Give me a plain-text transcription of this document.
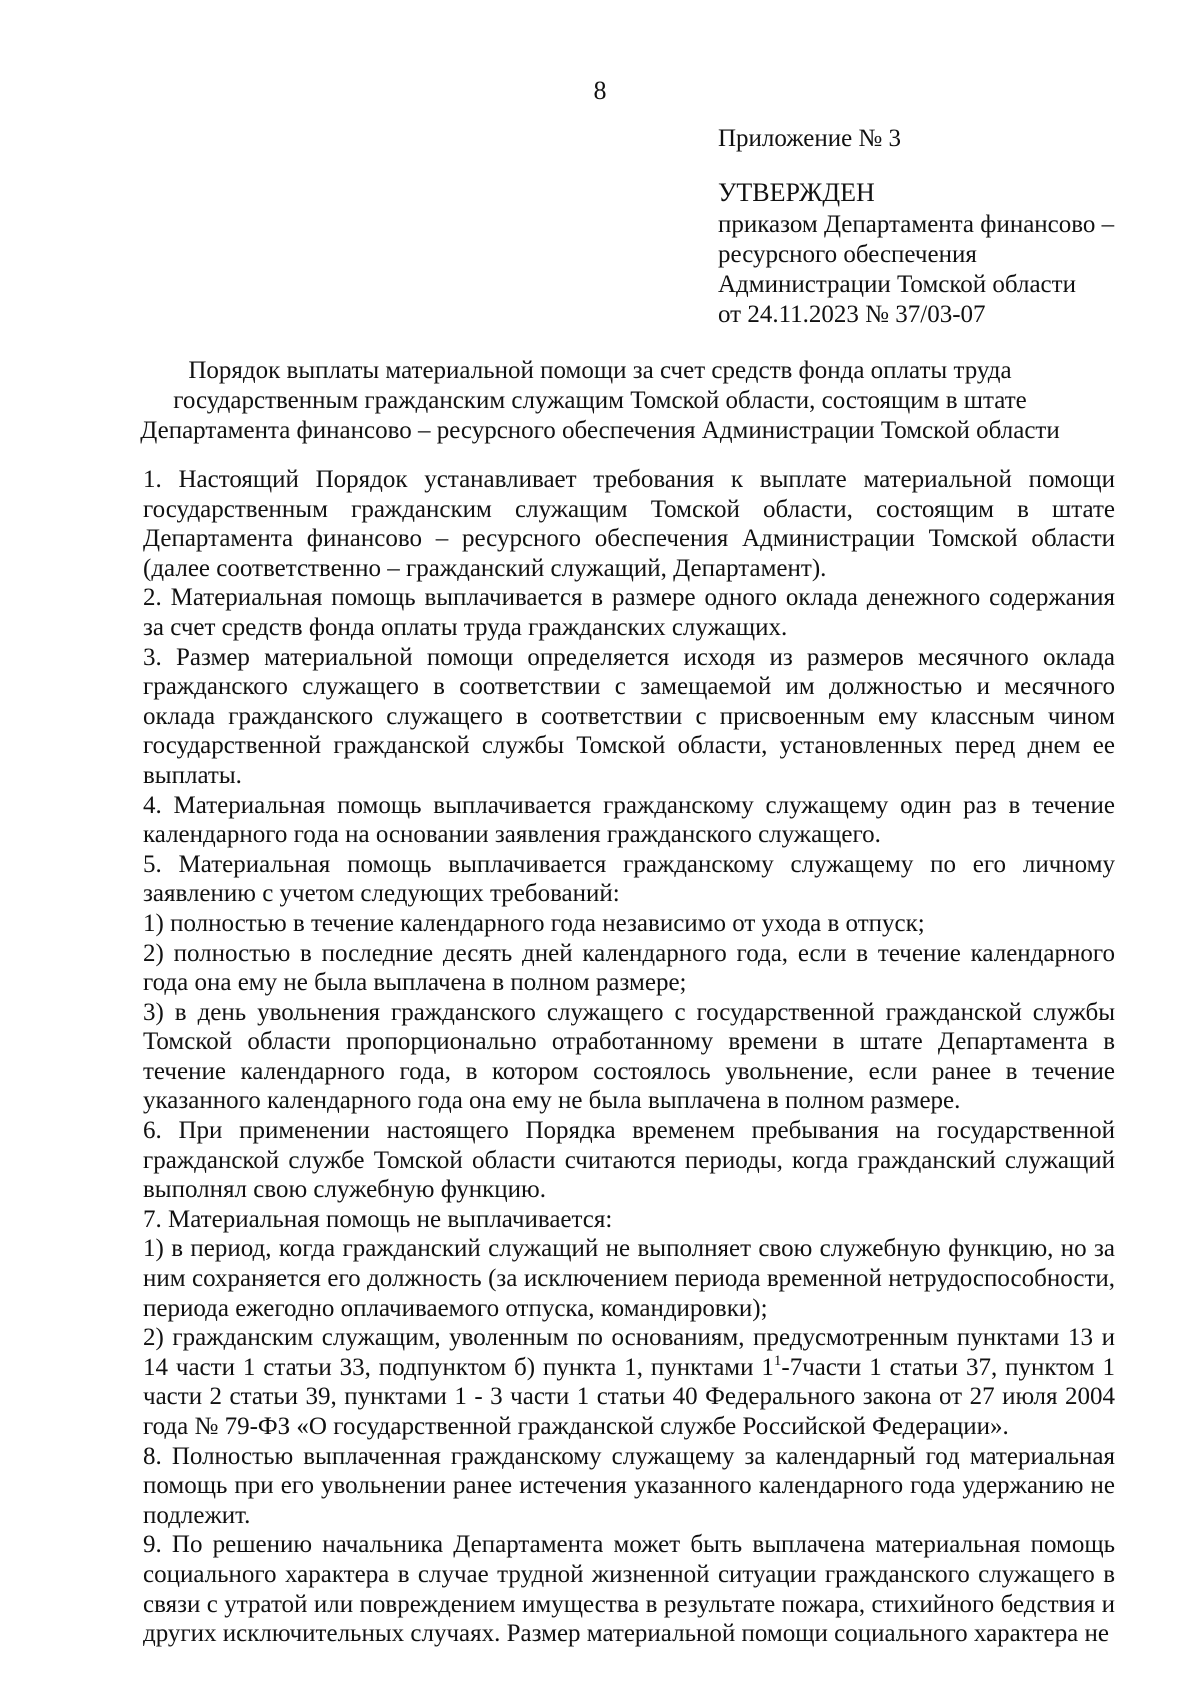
8
Приложение № 3
УТВЕРЖДЕН
приказом Департамента финансово –
ресурсного обеспечения
Администрации Томской области
от 24.11.2023 № 37/03-07
Порядок выплаты материальной помощи за счет средств фонда оплаты труда
государственным гражданским служащим Томской области, состоящим в штате
Департамента финансово – ресурсного обеспечения Администрации Томской области

1. Настоящий Порядок устанавливает требования к выплате материальной помощи государственным гражданским служащим Томской области, состоящим в штате Департамента финансово – ресурсного обеспечения Администрации Томской области (далее соответственно – гражданский служащий, Департамент).

2. Материальная помощь выплачивается в размере одного оклада денежного содержания за счет средств фонда оплаты труда гражданских служащих.

3. Размер материальной помощи определяется исходя из размеров месячного оклада гражданского служащего в соответствии с замещаемой им должностью и месячного оклада гражданского служащего в соответствии с присвоенным ему классным чином государственной гражданской службы Томской области, установленных перед днем ее выплаты.

4. Материальная помощь выплачивается гражданскому служащему один раз в течение календарного года на основании заявления гражданского служащего.

5. Материальная помощь выплачивается гражданскому служащему по его личному заявлению с учетом следующих требований:

1) полностью в течение календарного года независимо от ухода в отпуск;

2) полностью в последние десять дней календарного года, если в течение календарного года она ему не была выплачена в полном размере;

3) в день увольнения гражданского служащего с государственной гражданской службы Томской области пропорционально отработанному времени в штате Департамента в течение календарного года, в котором состоялось увольнение, если ранее в течение указанного календарного года она ему не была выплачена в полном размере.

6. При применении настоящего Порядка временем пребывания на государственной гражданской службе Томской области считаются периоды, когда гражданский служащий выполнял свою служебную функцию.

7. Материальная помощь не выплачивается:

1) в период, когда гражданский служащий не выполняет свою служебную функцию, но за ним сохраняется его должность (за исключением периода временной нетрудоспособности, периода ежегодно оплачиваемого отпуска, командировки);

2) гражданским служащим, уволенным по основаниям, предусмотренным пунктами 13 и 14 части 1 статьи 33, подпунктом б) пункта 1, пунктами $1^1-7части$ 1 статьи 37, пунктом 1 части 2 статьи 39, пунктами 1 - 3 части 1 статьи 40 Федерального закона от 27 июля 2004 года № 79-ФЗ «О государственной гражданской службе Российской Федерации».

8. Полностью выплаченная гражданскому служащему за календарный год материальная помощь при его увольнении ранее истечения указанного календарного года удержанию не подлежит.

9. По решению начальника Департамента может быть выплачена материальная помощь социального характера в случае трудной жизненной ситуации гражданского служащего в связи с утратой или повреждением имущества в результате пожара, стихийного бедствия и других исключительных случаях. Размер материальной помощи социального характера не
